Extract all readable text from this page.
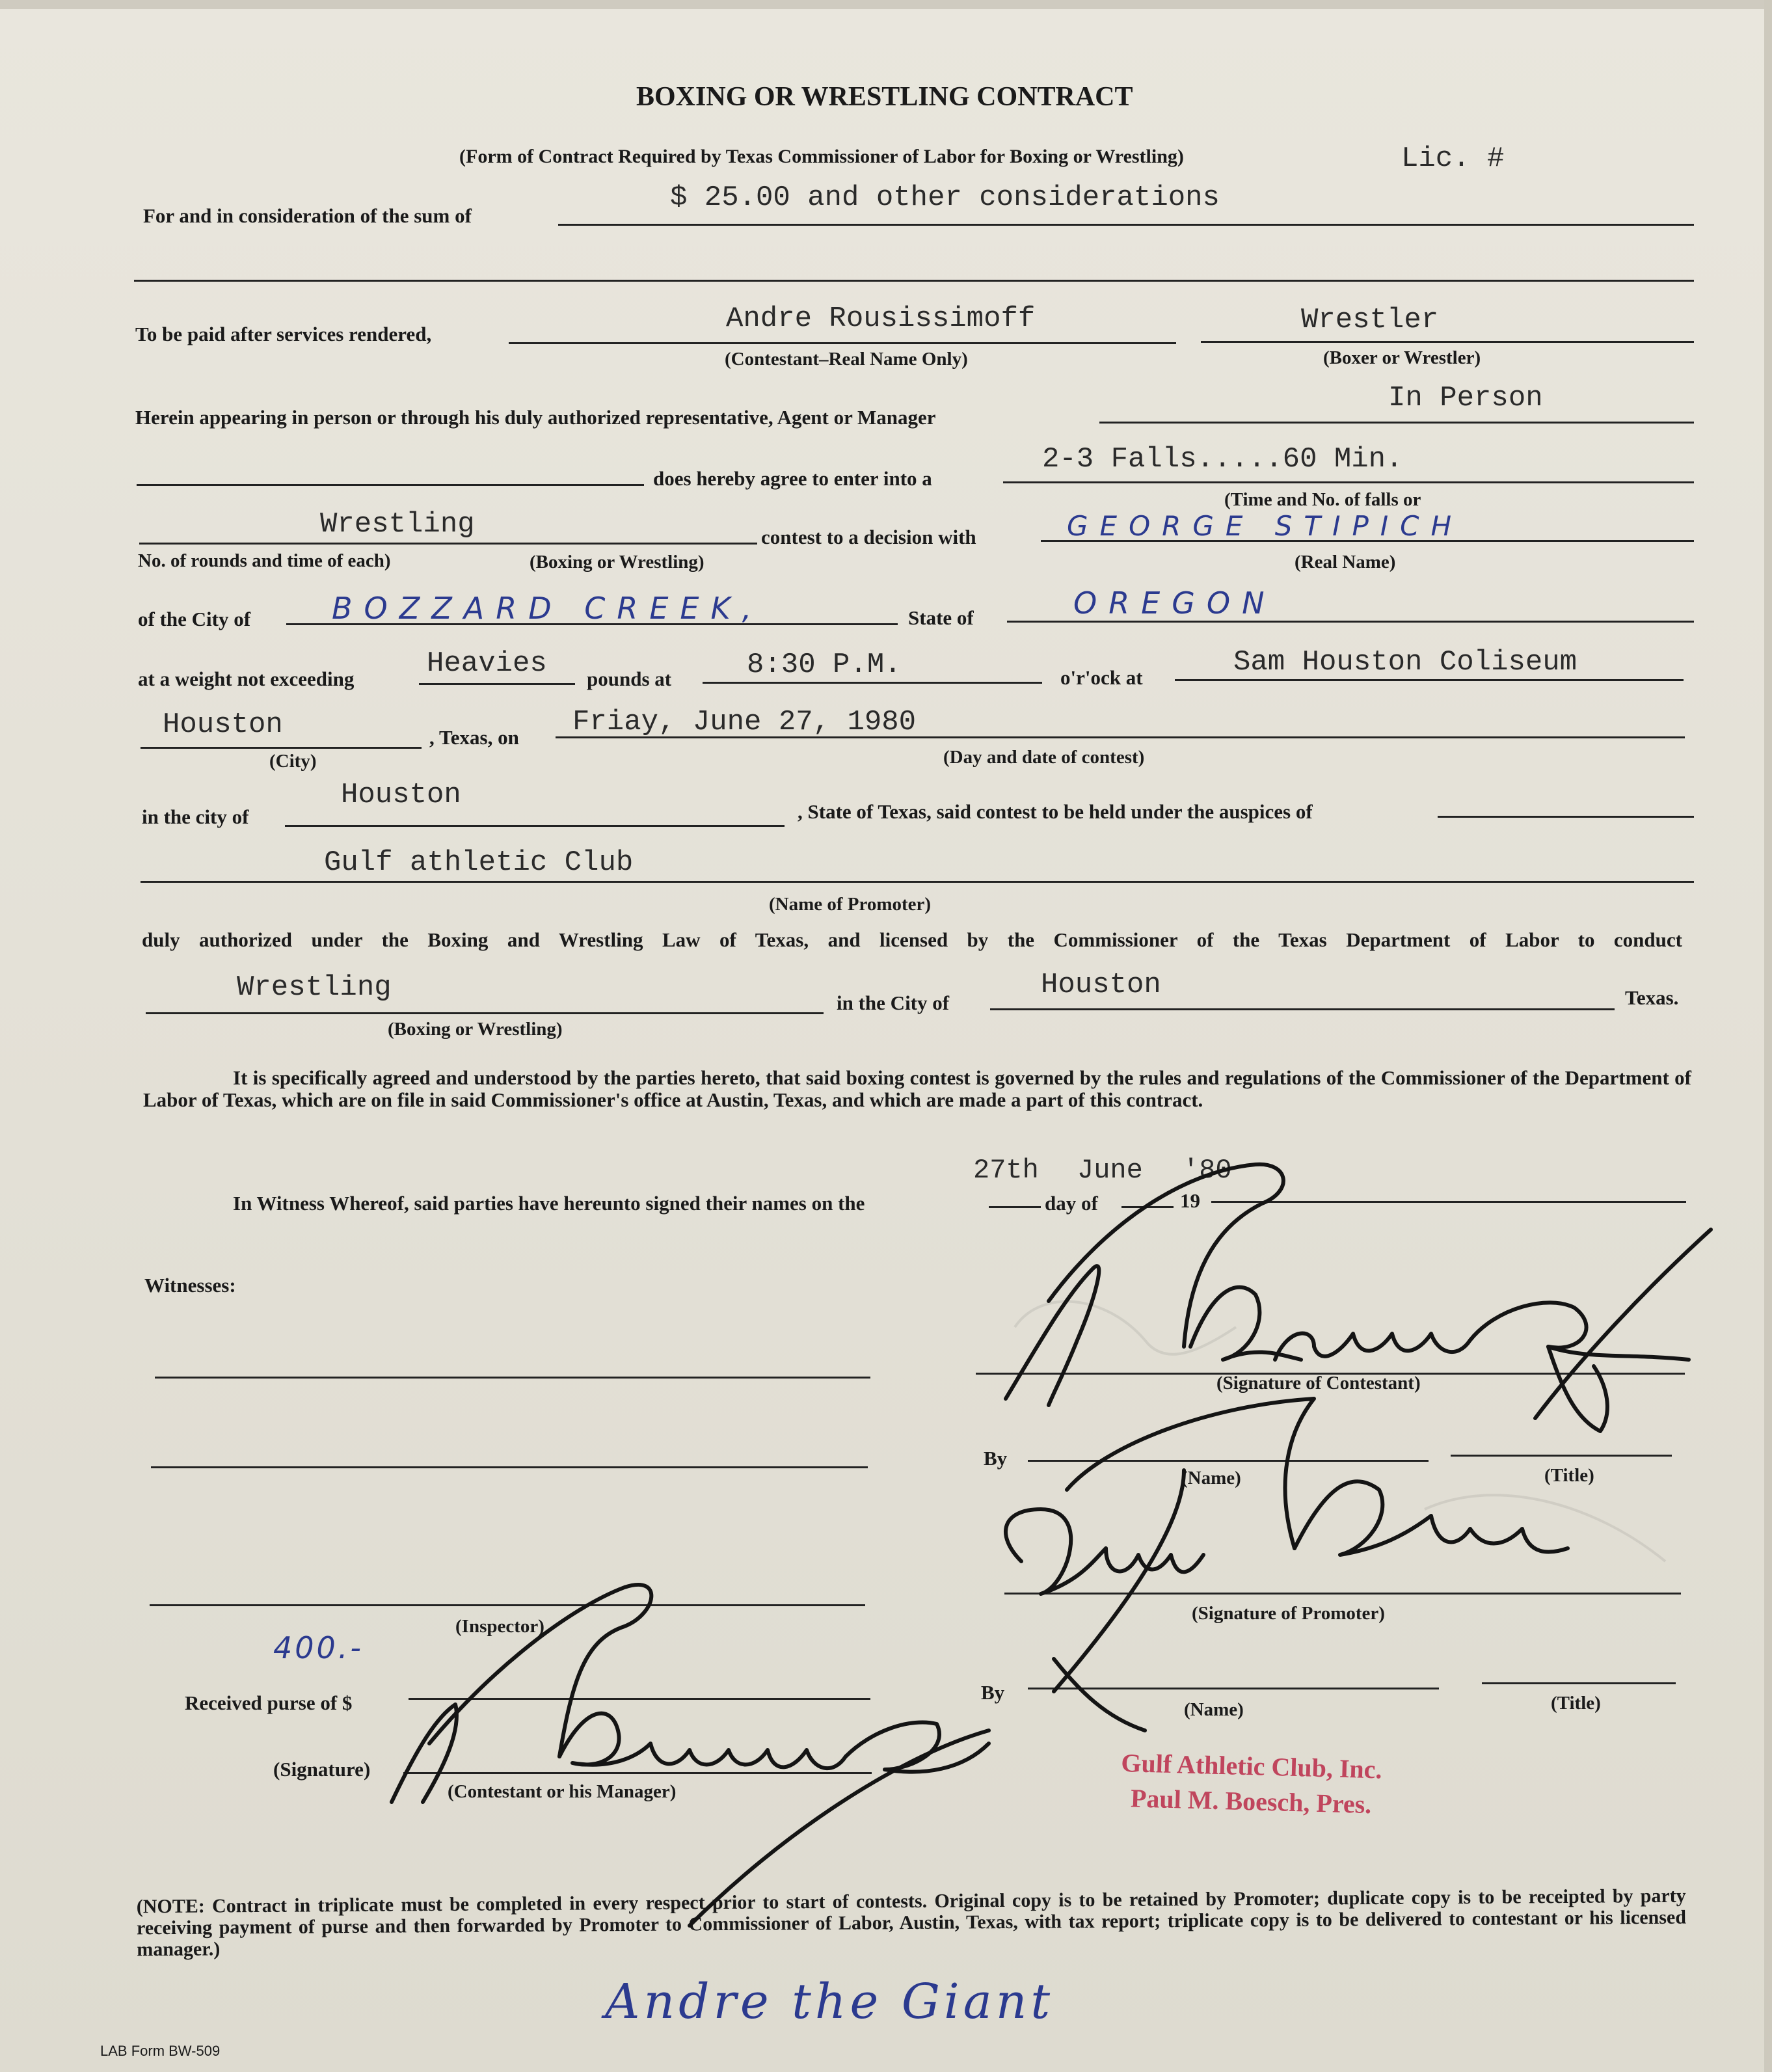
BOXING OR WRESTLING CONTRACT
(Form of Contract Required by Texas Commissioner of Labor for Boxing or Wrestling)	Lic. #
For and in consideration of the sum of
$ 25.00 and other considerations
To be paid after services rendered,	Andre Rousissimoff	Wrestler
(Contestant–Real Name Only)	(Boxer or Wrestler)
Herein appearing in person or through his duly authorized representative, Agent or Manager
In Person
does hereby agree to enter into a
2-3 Falls.....60 Min.
(Time and No. of falls or
Wrestling	contest to a decision with	GEORGE STIPICH
No. of rounds and time of each)	(Boxing or Wrestling)	(Real Name)
of the City of	BOZZARD CREEK,	State of	OREGON
at a weight not exceeding	Heavies pounds at	8:30 P.M.	o'r'ock at	Sam Houston Coliseum
Houston	, Texas, on Friay, June 27, 1980
(City)	(Day and date of contest)
in the city of
Houston
, State of Texas, said contest to be held under the auspices of
Gulf athletic Club
(Name of Promoter)
duly authorized under the Boxing and Wrestling Law of Texas, and licensed by the Commissioner of the Texas Department of Labor to conduct
Wrestling	in the City of
Houston	Texas.
(Boxing or Wrestling)
It is specifically agreed and understood by the parties hereto, that said boxing contest is governed by the rules and regulations of the Commissioner of the Department of Labor of Texas, which are on file in said Commissioner's office at Austin, Texas, and which are made a part of this contract.
27th June '80
In Witness Whereof, said parties have hereunto signed their names on the	day of	19
Witnesses:
(Inspector)
(Signature of Contestant)
By
(Name)	(Title)
(Signature of Promoter)
By
(Name)	(Title)
400.-
Received purse of $
(Signature)
(Contestant or his Manager)
Gulf Athletic Club, Inc.
Paul M. Boesch, Pres.
(NOTE: Contract in triplicate must be completed in every respect prior to start of contests. Original copy is to be retained by Promoter; duplicate copy is to be receipted by party receiving payment of purse and then forwarded by Promoter to Commissioner of Labor, Austin, Texas, with tax report; triplicate copy is to be delivered to contestant or his licensed manager.)
Andre the Giant
LAB Form BW-509
